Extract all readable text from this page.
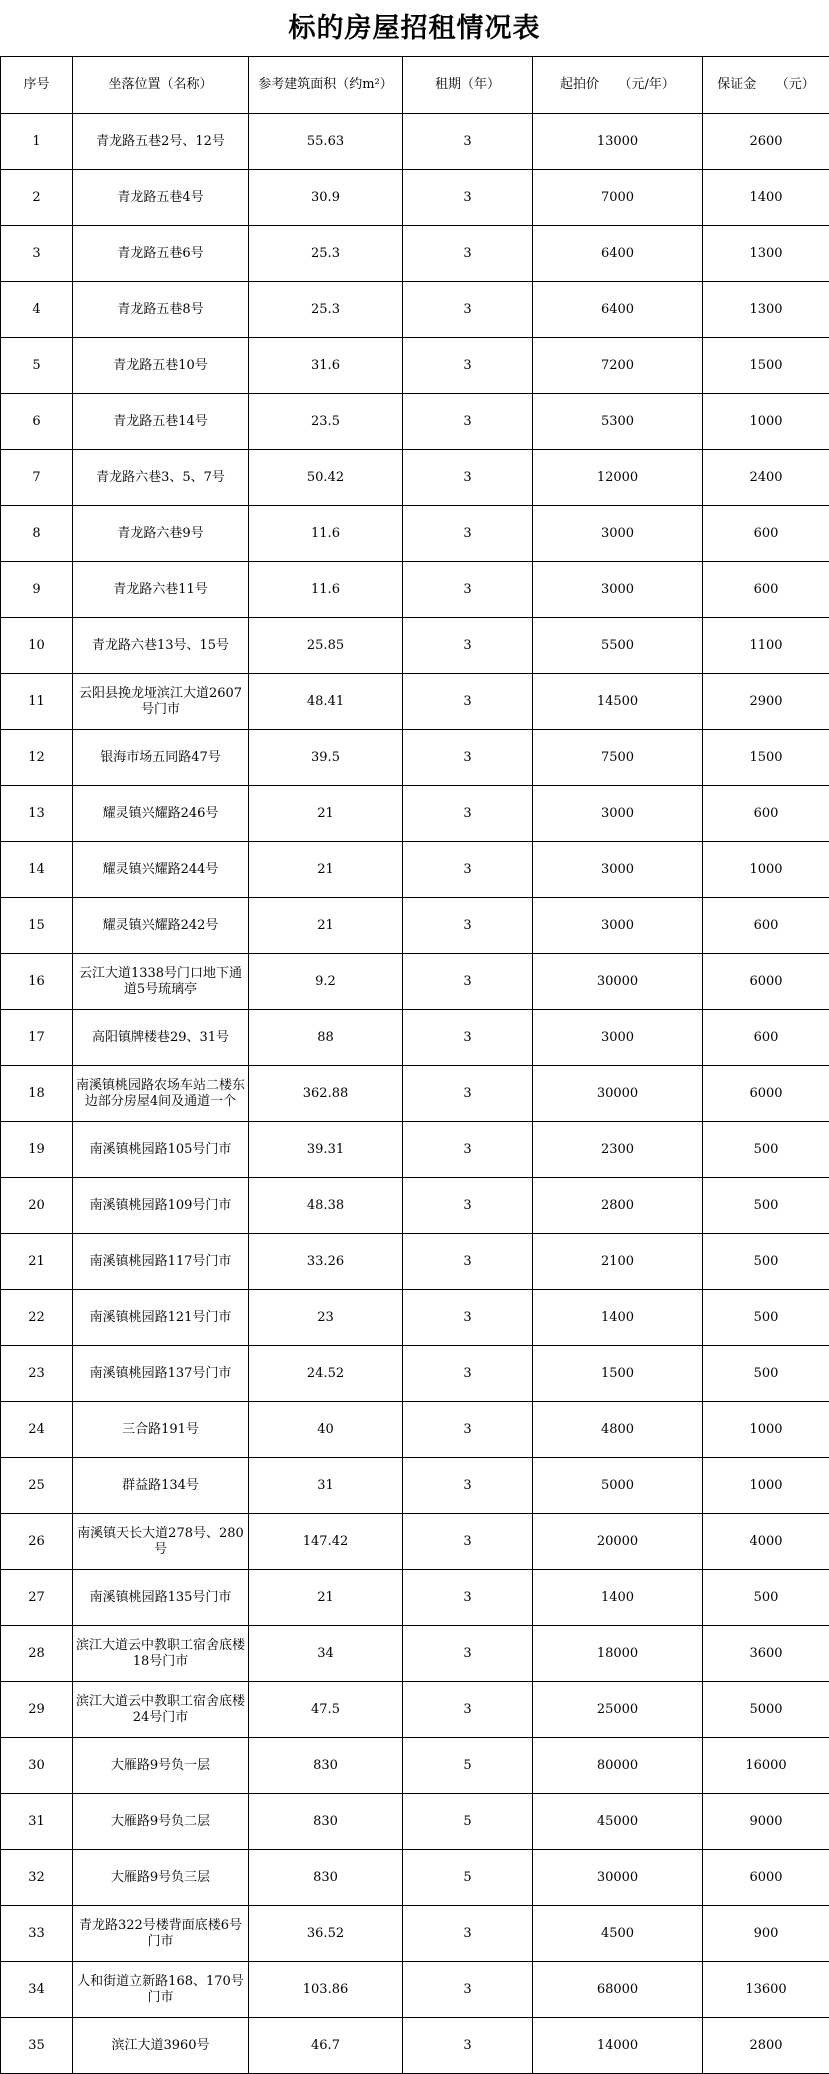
标的房屋招租情况表
序号	坐落位置（名称）	参考建筑面积（约m²）	租期（年）	起拍价　　（元/年）	保证金　　（元）
1	青龙路五巷2号、12号	55.63	3	13000	2600
2	青龙路五巷4号	30.9	3	7000	1400
3	青龙路五巷6号	25.3	3	6400	1300
4	青龙路五巷8号	25.3	3	6400	1300
5	青龙路五巷10号	31.6	3	7200	1500
6	青龙路五巷14号	23.5	3	5300	1000
7	青龙路六巷3、5、7号	50.42	3	12000	2400
8	青龙路六巷9号	11.6	3	3000	600
9	青龙路六巷11号	11.6	3	3000	600
10	青龙路六巷13号、15号	25.85	3	5500	1100
11	云阳县挽龙垭滨江大道2607号门市	48.41	3	14500	2900
12	银海市场五同路47号	39.5	3	7500	1500
13	耀灵镇兴耀路246号	21	3	3000	600
14	耀灵镇兴耀路244号	21	3	3000	1000
15	耀灵镇兴耀路242号	21	3	3000	600
16	云江大道1338号门口地下通道5号琉璃亭	9.2	3	30000	6000
17	高阳镇牌楼巷29、31号	88	3	3000	600
18	南溪镇桃园路农场车站二楼东边部分房屋4间及通道一个	362.88	3	30000	6000
19	南溪镇桃园路105号门市	39.31	3	2300	500
20	南溪镇桃园路109号门市	48.38	3	2800	500
21	南溪镇桃园路117号门市	33.26	3	2100	500
22	南溪镇桃园路121号门市	23	3	1400	500
23	南溪镇桃园路137号门市	24.52	3	1500	500
24	三合路191号	40	3	4800	1000
25	群益路134号	31	3	5000	1000
26	南溪镇天长大道278号、280号	147.42	3	20000	4000
27	南溪镇桃园路135号门市	21	3	1400	500
28	滨江大道云中教职工宿舍底楼18号门市	34	3	18000	3600
29	滨江大道云中教职工宿舍底楼24号门市	47.5	3	25000	5000
30	大雁路9号负一层	830	5	80000	16000
31	大雁路9号负二层	830	5	45000	9000
32	大雁路9号负三层	830	5	30000	6000
33	青龙路322号楼背面底楼6号门市	36.52	3	4500	900
34	人和街道立新路168、170号门市	103.86	3	68000	13600
35	滨江大道3960号	46.7	3	14000	2800
